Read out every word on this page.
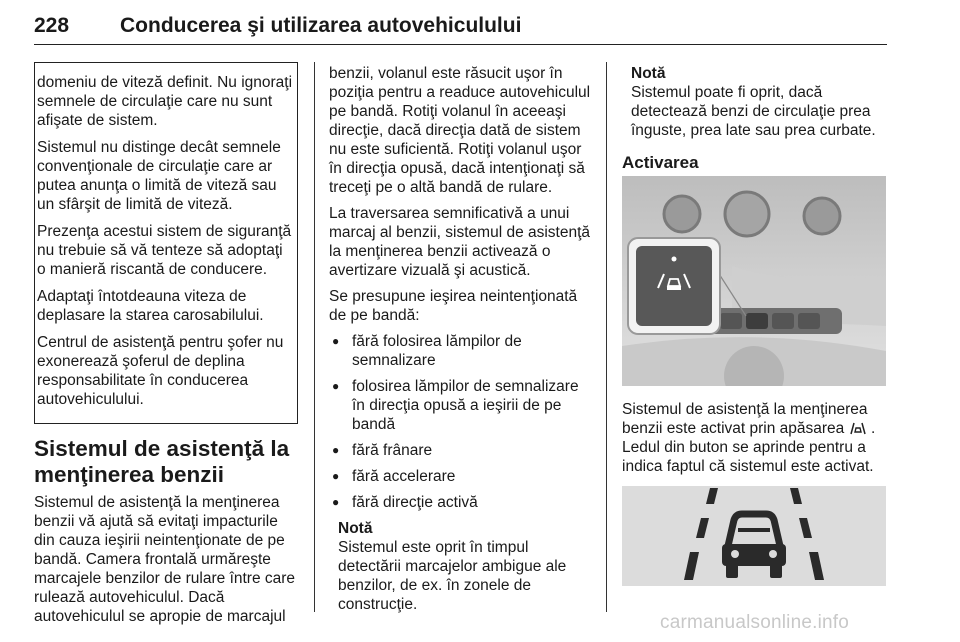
228 Conducerea şi utilizarea autovehiculului

domeniu de viteză definit. Nu ignoraţi semnele de circulaţie care nu sunt afişate de sistem.

Sistemul nu distinge decât semnele convenţionale de circulaţie care ar putea anunţa o limită de viteză sau un sfârşit de limită de viteză.

Prezenţa acestui sistem de siguranţă nu trebuie să vă tenteze să adoptaţi o manieră riscantă de conducere.

Adaptaţi întotdeauna viteza de deplasare la starea carosabilului.

Centrul de asistenţă pentru şofer nu exonerează şoferul de deplina responsabilitate în conducerea autovehiculului.

Sistemul de asistenţă la menţinerea benzii

Sistemul de asistenţă la menţinerea benzii vă ajută să evitaţi impacturile din cauza ieşirii neintenţionate de pe bandă. Camera frontală urmăreşte marcajele benzilor de rulare între care rulează autovehiculul. Dacă autovehiculul se apropie de marcajul

benzii, volanul este răsucit uşor în poziţia pentru a readuce autovehiculul pe bandă. Rotiţi volanul în aceeaşi direcţie, dacă direcţia dată de sistem nu este suficientă. Rotiţi volanul uşor în direcţia opusă, dacă intenţionaţi să treceţi pe o altă bandă de rulare.

La traversarea semnificativă a unui marcaj al benzii, sistemul de asistenţă la menţinerea benzii activează o avertizare vizuală şi acustică.

Se presupune ieşirea neintenţionată de pe bandă:

● fără folosirea lămpilor de semnalizare
● folosirea lămpilor de semnalizare în direcţia opusă a ieşirii de pe bandă
● fără frânare
● fără accelerare
● fără direcţie activă
Notă
Sistemul este oprit în timpul detectării marcajelor ambigue ale benzilor, de ex. în zonele de construcţie.
Notă
Sistemul poate fi oprit, dacă detectează benzi de circulaţie prea înguste, prea late sau prea curbate.
Activarea
Sistemul de asistenţă la menţinerea benzii este activat prin apăsarea . Ledul din buton se aprinde pentru a indica faptul că sistemul este activat.
carmanualsonline.info
